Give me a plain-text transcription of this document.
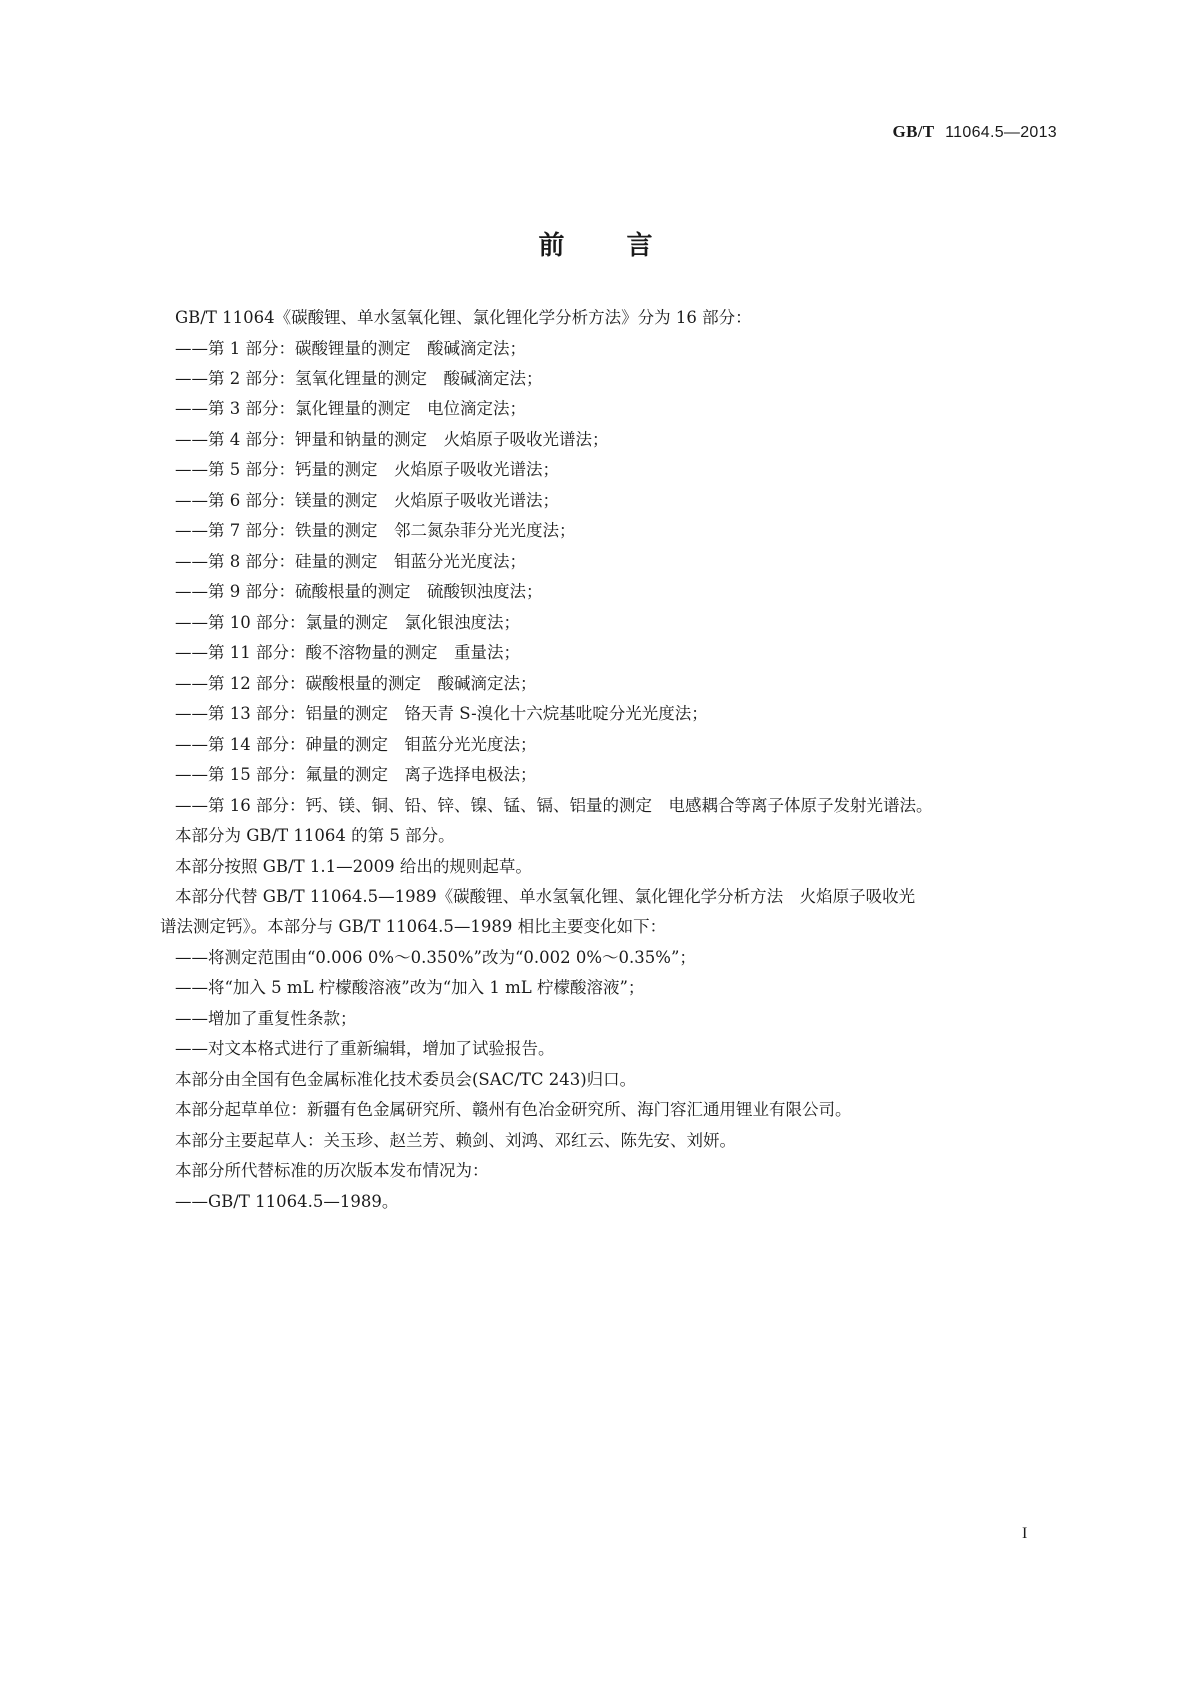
GB/T 11064.5—2013
前 言
GB/T 11064《碳酸锂、单水氢氧化锂、氯化锂化学分析方法》分为 16 部分：
——第 1 部分：碳酸锂量的测定　酸碱滴定法；
——第 2 部分：氢氧化锂量的测定　酸碱滴定法；
——第 3 部分：氯化锂量的测定　电位滴定法；
——第 4 部分：钾量和钠量的测定　火焰原子吸收光谱法；
——第 5 部分：钙量的测定　火焰原子吸收光谱法；
——第 6 部分：镁量的测定　火焰原子吸收光谱法；
——第 7 部分：铁量的测定　邻二氮杂菲分光光度法；
——第 8 部分：硅量的测定　钼蓝分光光度法；
——第 9 部分：硫酸根量的测定　硫酸钡浊度法；
——第 10 部分：氯量的测定　氯化银浊度法；
——第 11 部分：酸不溶物量的测定　重量法；
——第 12 部分：碳酸根量的测定　酸碱滴定法；
——第 13 部分：铝量的测定　铬天青 S-溴化十六烷基吡啶分光光度法；
——第 14 部分：砷量的测定　钼蓝分光光度法；
——第 15 部分：氟量的测定　离子选择电极法；
——第 16 部分：钙、镁、铜、铅、锌、镍、锰、镉、铝量的测定　电感耦合等离子体原子发射光谱法。
本部分为 GB/T 11064 的第 5 部分。
本部分按照 GB/T 1.1—2009 给出的规则起草。
本部分代替 GB/T 11064.5—1989《碳酸锂、单水氢氧化锂、氯化锂化学分析方法　火焰原子吸收光
谱法测定钙》。本部分与 GB/T 11064.5—1989 相比主要变化如下：
——将测定范围由“0.006 0%～0.350%”改为“0.002 0%～0.35%”；
——将“加入 5 mL 柠檬酸溶液”改为“加入 1 mL 柠檬酸溶液”；
——增加了重复性条款；
——对文本格式进行了重新编辑，增加了试验报告。
本部分由全国有色金属标准化技术委员会(SAC/TC 243)归口。
本部分起草单位：新疆有色金属研究所、赣州有色冶金研究所、海门容汇通用锂业有限公司。
本部分主要起草人：关玉珍、赵兰芳、赖剑、刘鸿、邓红云、陈先安、刘妍。
本部分所代替标准的历次版本发布情况为：
——GB/T 11064.5—1989。
I
